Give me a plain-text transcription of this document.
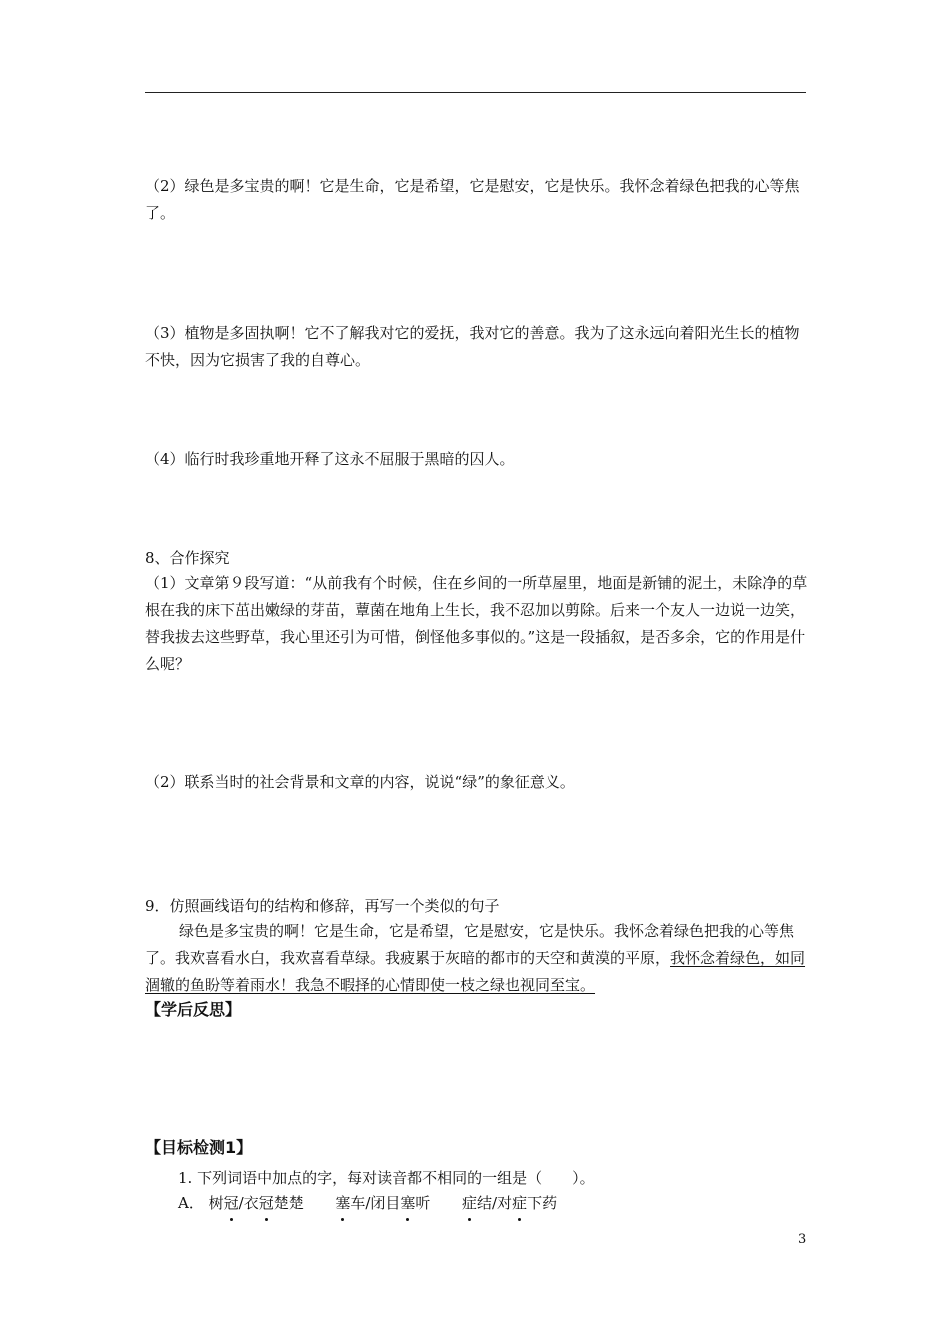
（2）绿色是多宝贵的啊！它是生命，它是希望，它是慰安，它是快乐。我怀念着绿色把我的心等焦了。

（3）植物是多固执啊！它不了解我对它的爱抚，我对它的善意。我为了这永远向着阳光生长的植物不快，因为它损害了我的自尊心。

（4）临行时我珍重地开释了这永不屈服于黑暗的囚人。

8、合作探究

（1）文章第９段写道：“从前我有个时候，住在乡间的一所草屋里，地面是新铺的泥土，未除净的草根在我的床下茁出嫩绿的芽苗，蕈菌在地角上生长，我不忍加以剪除。后来一个友人一边说一边笑，替我拔去这些野草，我心里还引为可惜，倒怪他多事似的。”这是一段插叙，是否多余，它的作用是什么呢？

（2）联系当时的社会背景和文章的内容，说说“绿”的象征意义。

9．仿照画线语句的结构和修辞，再写一个类似的句子

绿色是多宝贵的啊！它是生命，它是希望，它是慰安，它是快乐。我怀念着绿色把我的心等焦了。我欢喜看水白，我欢喜看草绿。我疲累于灰暗的都市的天空和黄漠的平原，我怀念着绿色，如同涸辙的鱼盼等着雨水！我急不暇择的心情即使一枝之绿也视同至宝。

【学后反思】

【目标检测1】

1. 下列词语中加点的字，每对读音都不相同的一组是（　　）。
A． 树冠/衣冠楚楚 塞车/闭目塞听 症结/对症下药
3
